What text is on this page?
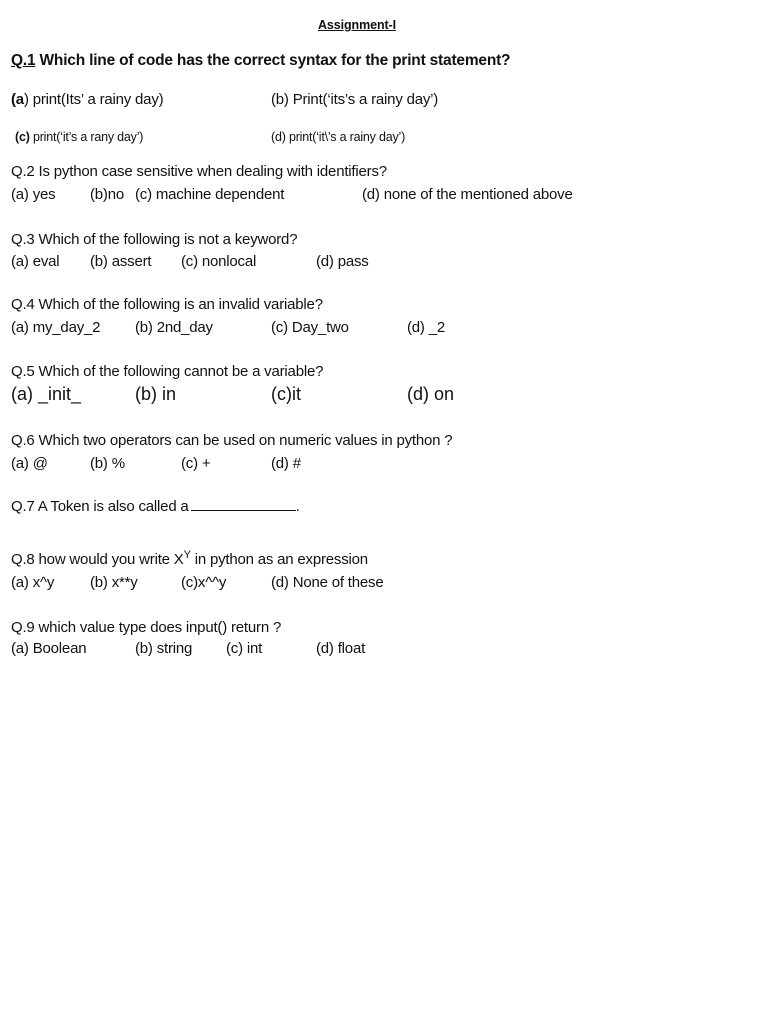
Assignment-I
Q.1 Which line of code has the correct syntax for the print statement?
(a) print(Its’ a rainy day)	(b) Print(‘its’s a rainy day’)
(c) print(‘it’s a rany day’)	(d) print(‘it\’s a rainy day’)
Q.2 Is python case sensitive when dealing with identifiers?
(a) yes (b)no (c) machine dependent	(d) none of the mentioned above
Q.3 Which of the following is not a keyword?
(a) eval (b) assert (c) nonlocal	(d) pass
Q.4 Which of the following is an invalid variable?
(a) my_day_2 (b) 2nd_day	(c) Day_two	(d) _2
Q.5 Which of the following cannot be a variable?
(a) _init_	(b) in	(c)it	(d) on
Q.6 Which two operators can be used on numeric values in python ?
(a) @	(b) %	(c) +	(d) #
Q.7 A Token is also called a	.
Q.8 how would you write $X^Y$ in python as an expression
(a) x^y (b) x**y	(c)x^^y	(d) None of these
Q.9 which value type does input() return ?
(a) Boolean	(b) string (c) int	(d) float
